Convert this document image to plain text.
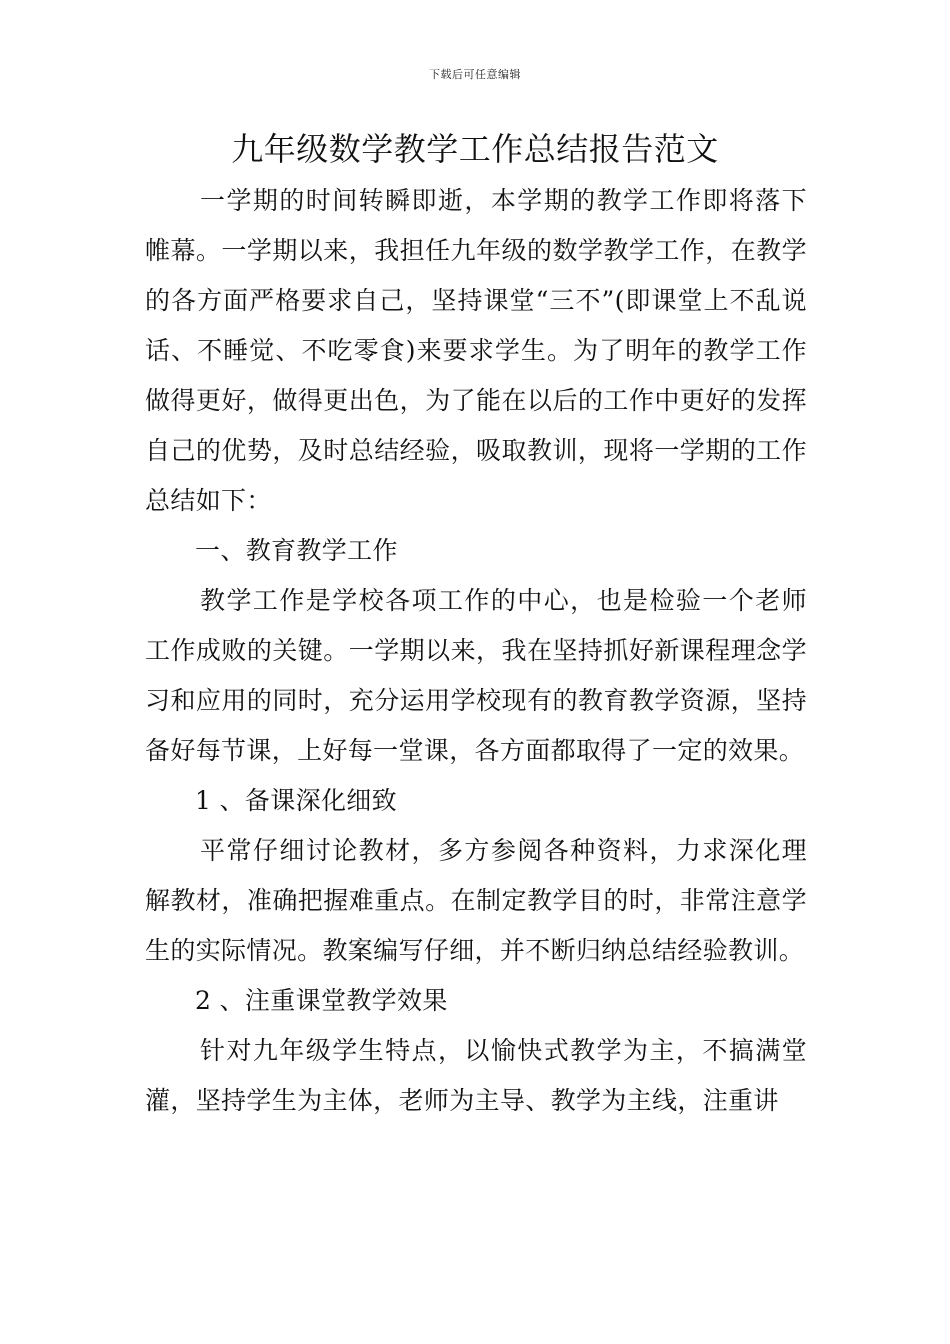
下载后可任意编辑
九年级数学教学工作总结报告范文

一学期的时间转瞬即逝，本学期的教学工作即将落下帷幕。一学期以来，我担任九年级的数学教学工作，在教学的各方面严格要求自己，坚持课堂“三不”(即课堂上不乱说话、不睡觉、不吃零食)来要求学生。为了明年的教学工作做得更好，做得更出色，为了能在以后的工作中更好的发挥自己的优势，及时总结经验，吸取教训，现将一学期的工作总结如下：

一、教育教学工作

教学工作是学校各项工作的中心，也是检验一个老师工作成败的关键。一学期以来，我在坚持抓好新课程理念学习和应用的同时，充分运用学校现有的教育教学资源，坚持备好每节课，上好每一堂课，各方面都取得了一定的效果。

1 、备课深化细致

平常仔细讨论教材，多方参阅各种资料，力求深化理解教材，准确把握难重点。在制定教学目的时，非常注意学生的实际情况。教案编写仔细，并不断归纳总结经验教训。

2 、注重课堂教学效果

针对九年级学生特点，以愉快式教学为主，不搞满堂灌，坚持学生为主体，老师为主导、教学为主线，注重讲
